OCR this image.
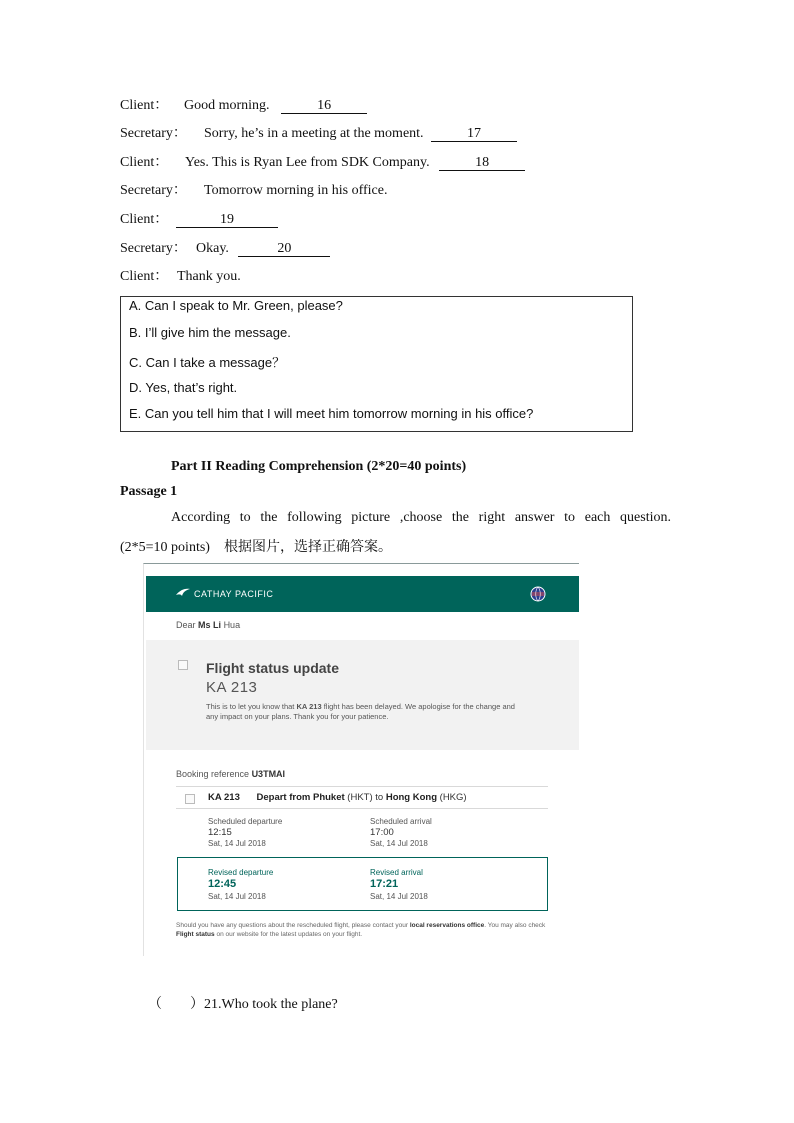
Client： Good morning.	16
Secretary： Sorry, he’s in a meeting at the moment.	17
Client： Yes. This is Ryan Lee from SDK Company.	18
Secretary： Tomorrow morning in his office.
Client：	19
Secretary： Okay.	20
Client： Thank you.
A. Can I speak to Mr. Green, please?
B. I’ll give him the message.
C. Can I take a message？
D. Yes, that’s right.
E. Can you tell him that I will meet him tomorrow morning in his office?
Part II Reading Comprehension (2*20=40 points)
Passage 1
According to the following picture ,choose the right answer to each question.
(2*5=10 points)　根据图片，选择正确答案。
CATHAY PACIFIC
Dear Ms Li Hua
Flight status update
KA 213
This is to let you know that KA 213 flight has been delayed. We apologise for the change and any impact on your plans. Thank you for your patience.
Booking reference U3TMAI
KA 213 Depart from Phuket (HKT) to Hong Kong (HKG)
Scheduled departure
12:15
Sat, 14 Jul 2018
Scheduled arrival
17:00
Sat, 14 Jul 2018
Revised departure
12:45
Sat, 14 Jul 2018
Revised arrival
17:21
Sat, 14 Jul 2018
Should you have any questions about the rescheduled flight, please contact your local reservations office. You may also check Flight status on our website for the latest updates on your flight.
（　　）21.Who took the plane?
